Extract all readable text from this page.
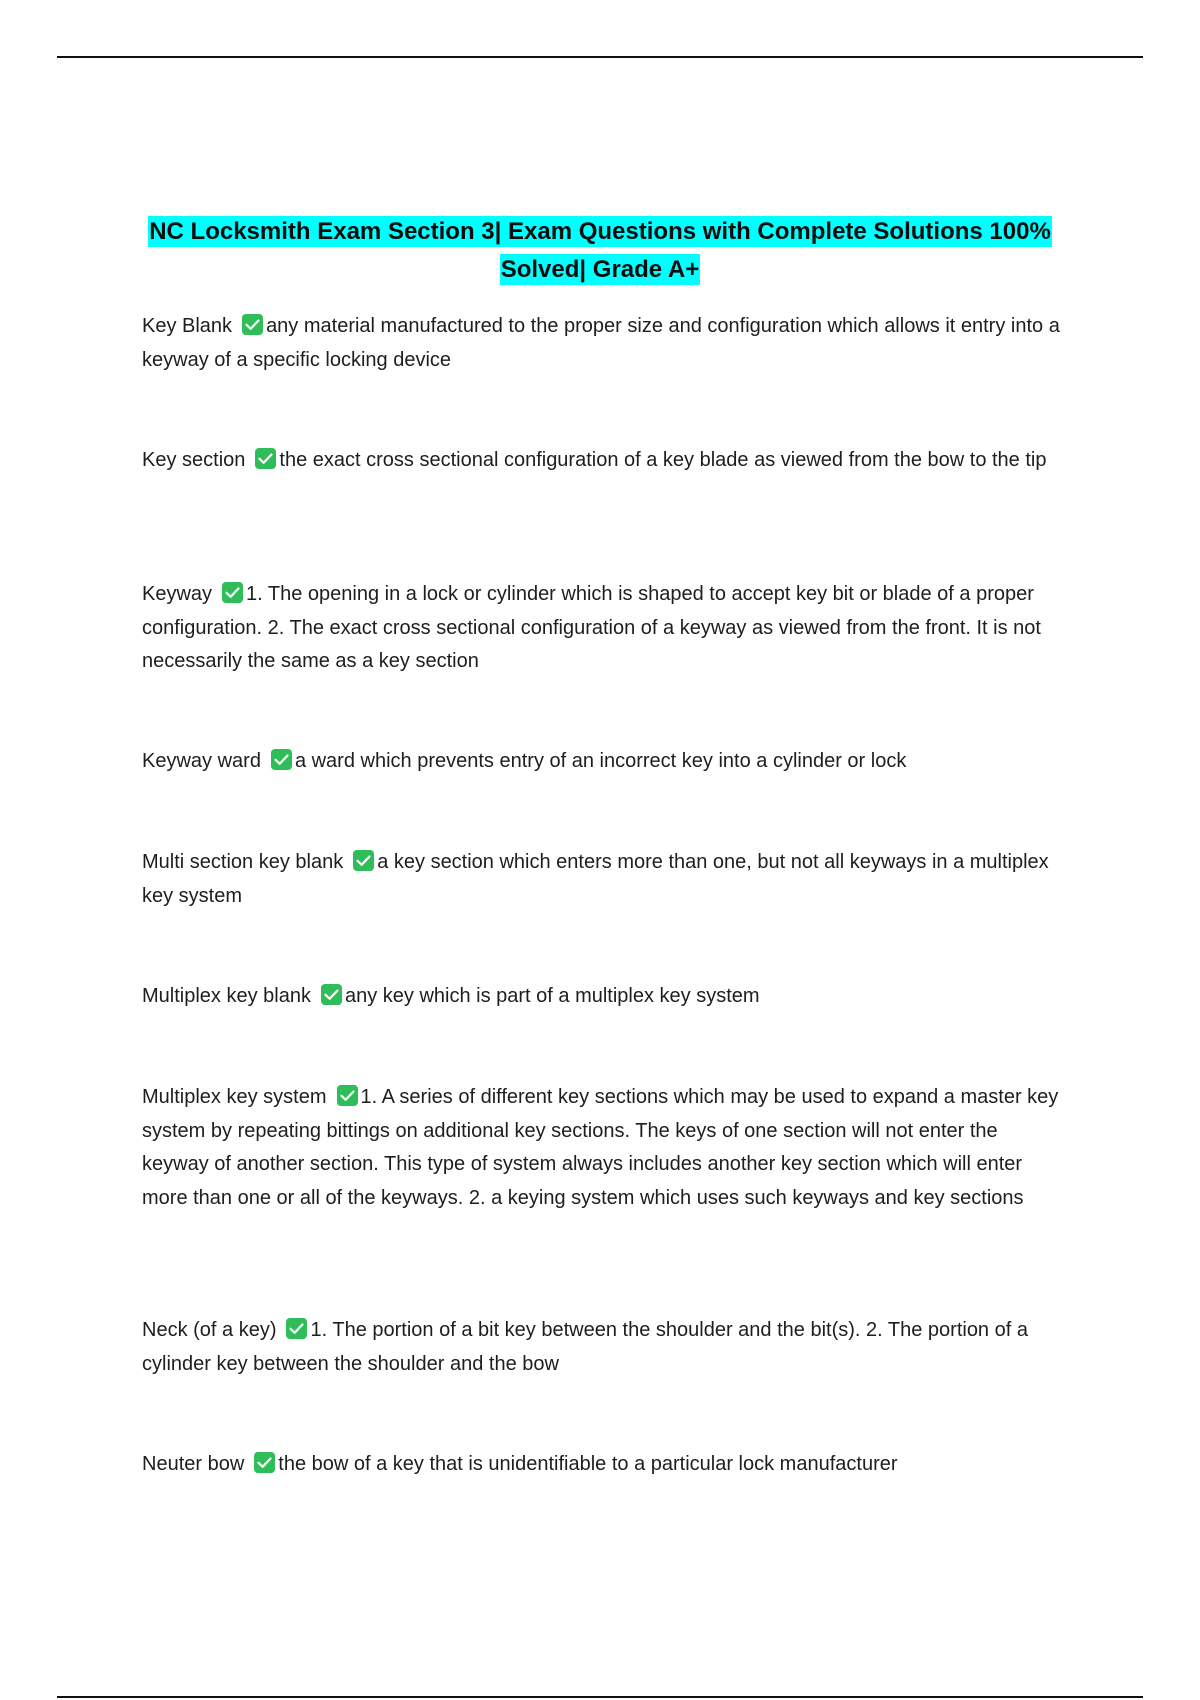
NC Locksmith Exam Section 3| Exam Questions with Complete Solutions 100%
Solved| Grade A+
Key Blank any material manufactured to the proper size and configuration which allows it entry into a keyway of a specific locking device
Key section the exact cross sectional configuration of a key blade as viewed from the bow to the tip
Keyway 1. The opening in a lock or cylinder which is shaped to accept key bit or blade of a proper configuration. 2. The exact cross sectional configuration of a keyway as viewed from the front. It is not necessarily the same as a key section
Keyway ward a ward which prevents entry of an incorrect key into a cylinder or lock
Multi section key blank a key section which enters more than one, but not all keyways in a multiplex key system
Multiplex key blank any key which is part of a multiplex key system
Multiplex key system 1. A series of different key sections which may be used to expand a master key system by repeating bittings on additional key sections. The keys of one section will not enter the keyway of another section. This type of system always includes another key section which will enter more than one or all of the keyways. 2. a keying system which uses such keyways and key sections
Neck (of a key) 1. The portion of a bit key between the shoulder and the bit(s). 2. The portion of a cylinder key between the shoulder and the bow
Neuter bow the bow of a key that is unidentifiable to a particular lock manufacturer
